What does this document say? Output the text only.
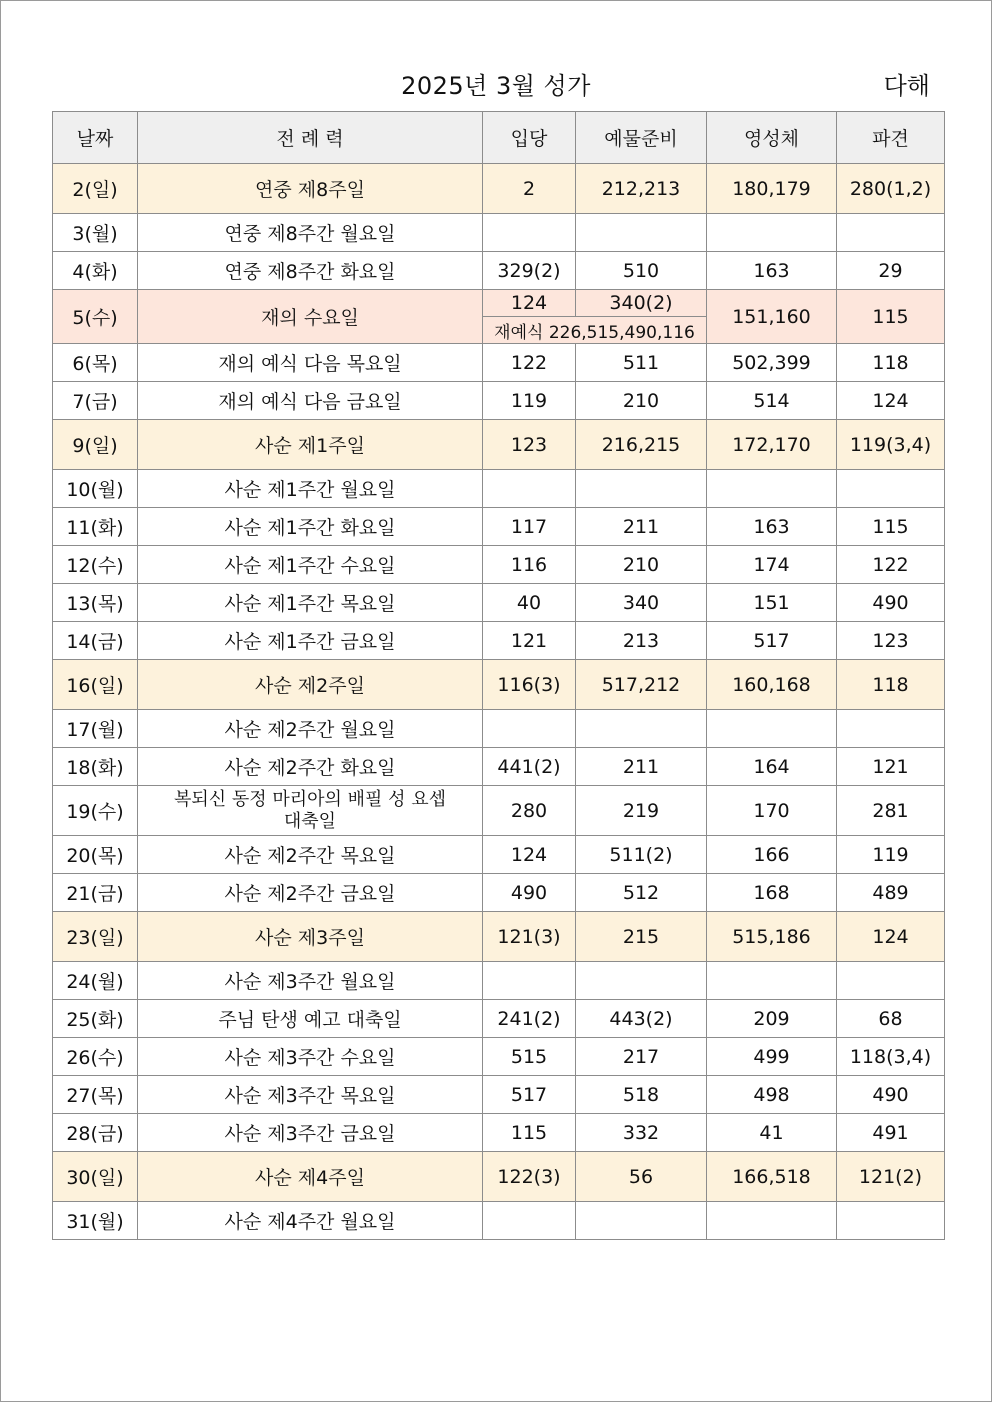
2025년 3월 성가	다해
날짜	전 례 력	입당	예물준비	영성체	파견
2(일)	연중 제8주일	2	212,213	180,179	280(1,2)
3(월)	연중 제8주간 월요일				
4(화)	연중 제8주간 화요일	329(2)	510	163	29
5(수)	재의 수요일	124	340(2)	151,160	115
		재예식 226,515,490,116			
6(목)	재의 예식 다음 목요일	122	511	502,399	118
7(금)	재의 예식 다음 금요일	119	210	514	124
9(일)	사순 제1주일	123	216,215	172,170	119(3,4)
10(월)	사순 제1주간 월요일				
11(화)	사순 제1주간 화요일	117	211	163	115
12(수)	사순 제1주간 수요일	116	210	174	122
13(목)	사순 제1주간 목요일	40	340	151	490
14(금)	사순 제1주간 금요일	121	213	517	123
16(일)	사순 제2주일	116(3)	517,212	160,168	118
17(월)	사순 제2주간 월요일				
18(화)	사순 제2주간 화요일	441(2)	211	164	121
19(수)	복되신 동정 마리아의 배필 성 요셉
대축일	280	219	170	281
20(목)	사순 제2주간 목요일	124	511(2)	166	119
21(금)	사순 제2주간 금요일	490	512	168	489
23(일)	사순 제3주일	121(3)	215	515,186	124
24(월)	사순 제3주간 월요일				
25(화)	주님 탄생 예고 대축일	241(2)	443(2)	209	68
26(수)	사순 제3주간 수요일	515	217	499	118(3,4)
27(목)	사순 제3주간 목요일	517	518	498	490
28(금)	사순 제3주간 금요일	115	332	41	491
30(일)	사순 제4주일	122(3)	56	166,518	121(2)
31(월)	사순 제4주간 월요일				
